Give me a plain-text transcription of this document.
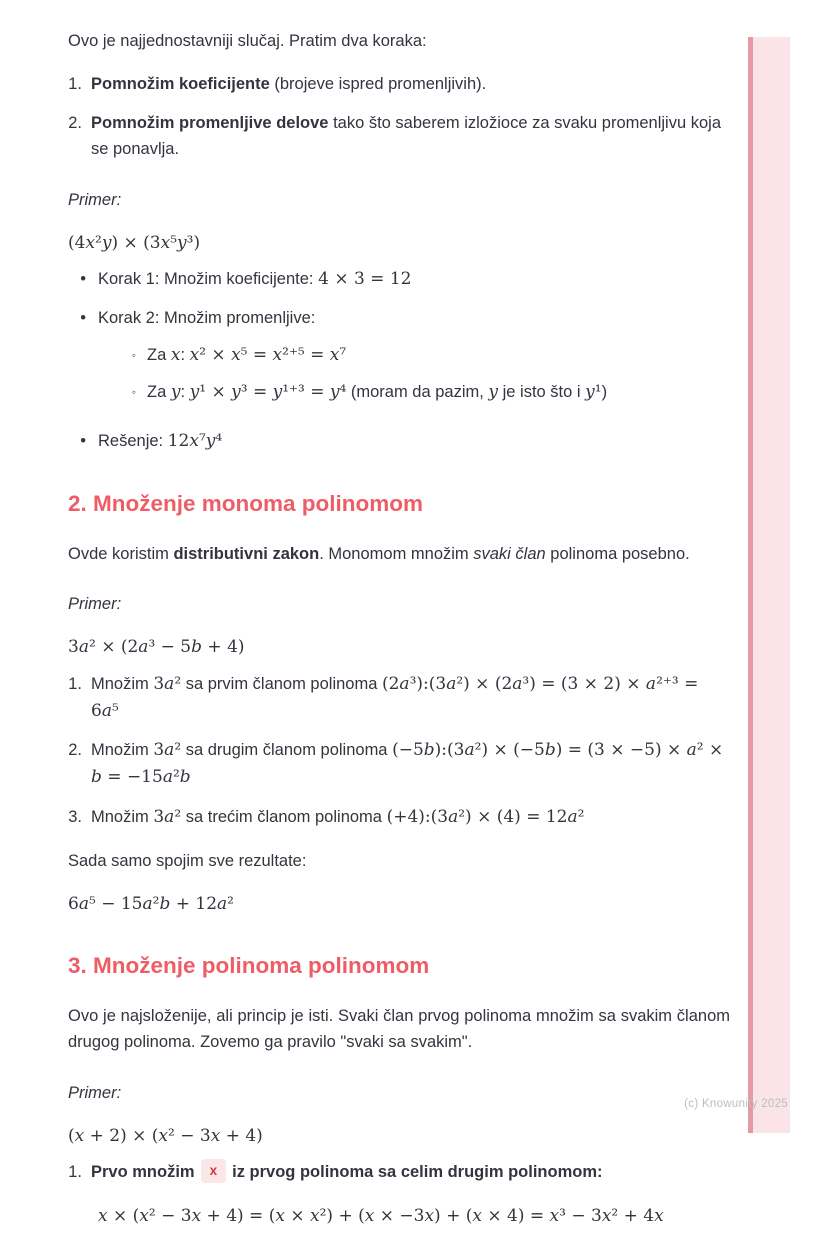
Ovo je najjednostavniji slučaj. Pratim dva koraka:
1. Pomnožim koeficijente (brojeve ispred promenljivih).
2. Pomnožim promenljive delove tako što saberem izložioce za svaku promenljivu koja se ponavlja.
Primer:
(4x²y) × (3x⁵y³)
• Korak 1: Množim koeficijente: 4 × 3 = 12
• Korak 2: Množim promenljive:
◦ Za x: x² × x⁵ = x²⁺⁵ = x⁷
◦ Za y: y¹ × y³ = y¹⁺³ = y⁴ (moram da pazim, y je isto što i y¹)
• Rešenje: 12x⁷y⁴
2. Množenje monoma polinomom
Ovde koristim distributivni zakon. Monomom množim svaki član polinoma posebno.
Primer:
3a² × (2a³ − 5b + 4)
1. Množim 3a² sa prvim članom polinoma (2a³):(3a²) × (2a³) = (3 × 2) × a²⁺³ = 6a⁵
2. Množim 3a² sa drugim članom polinoma (−5b):(3a²) × (−5b) = (3 × −5) × a² × b = −15a²b
3. Množim 3a² sa trećim članom polinoma (+4):(3a²) × (4) = 12a²
Sada samo spojim sve rezultate:
6a⁵ − 15a²b + 12a²
3. Množenje polinoma polinomom
Ovo je najsloženije, ali princip je isti. Svaki član prvog polinoma množim sa svakim članom drugog polinoma. Zovemo ga pravilo "svaki sa svakim".
Primer:
(x + 2) × (x² − 3x + 4)
1. Prvo množim x iz prvog polinoma sa celim drugim polinomom:
x × (x² − 3x + 4) = (x × x²) + (x × −3x) + (x × 4) = x³ − 3x² + 4x
(c) Knowunity 2025
